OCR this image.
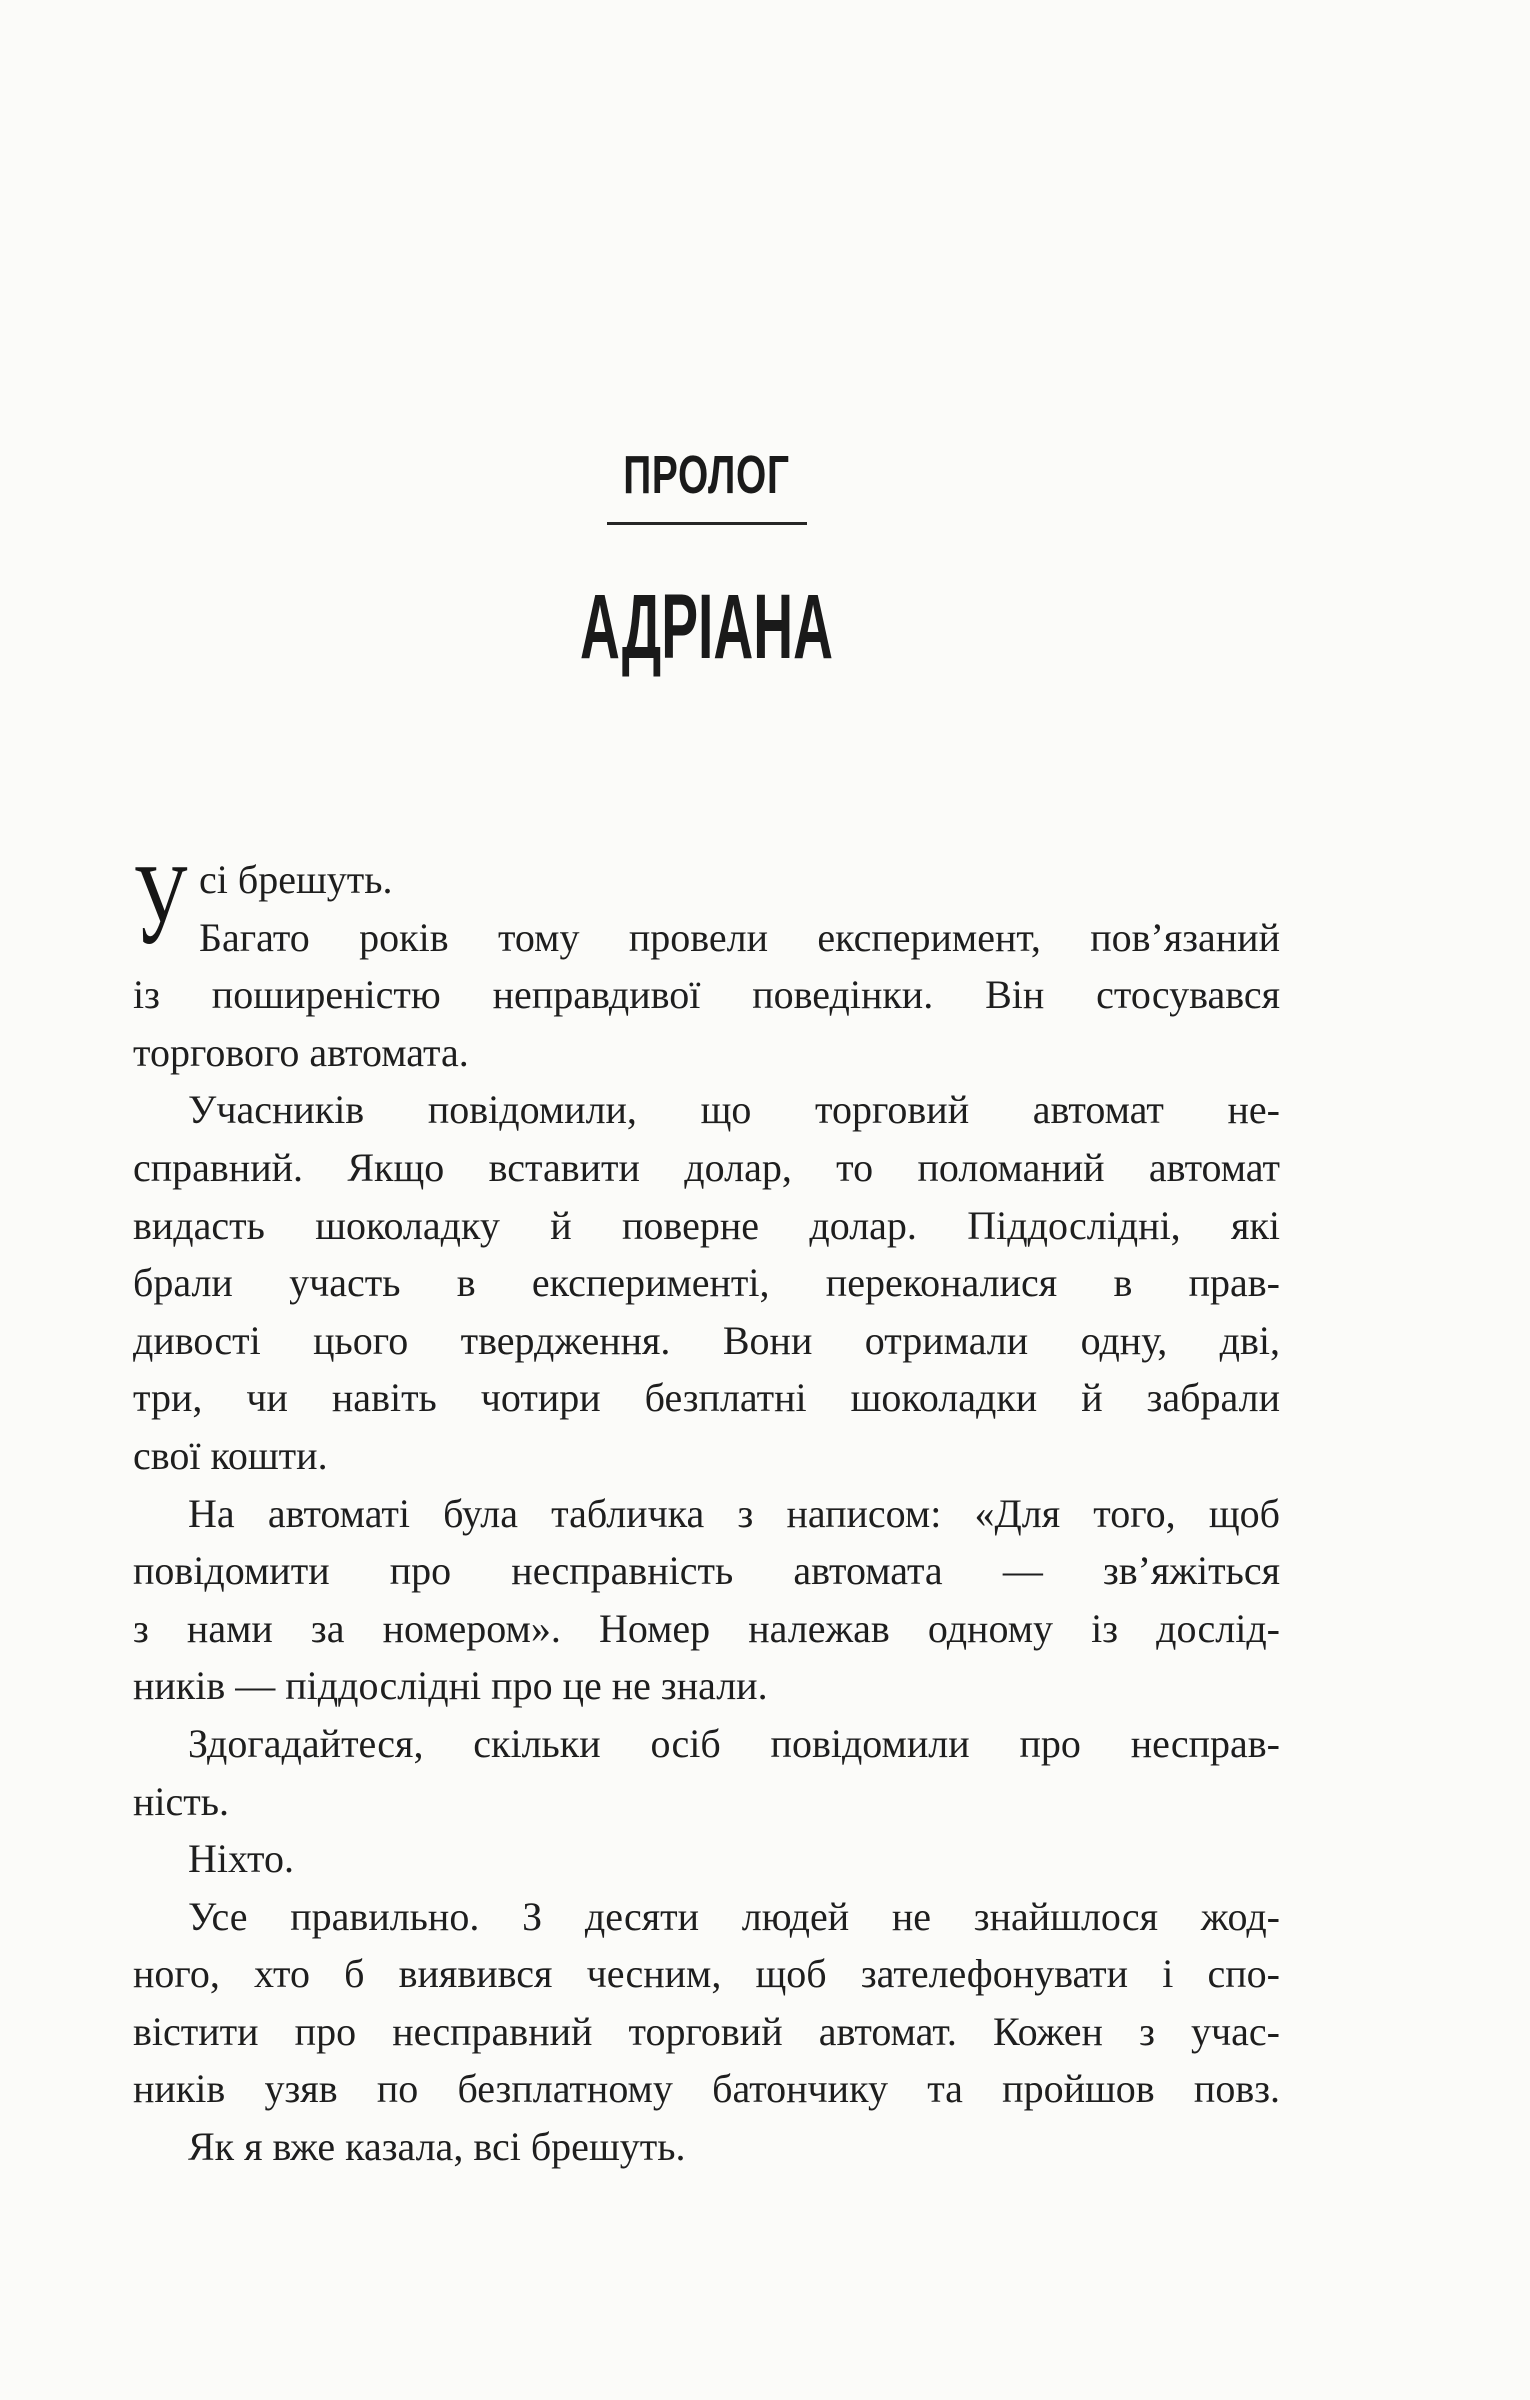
ПРОЛОГ
АДРІАНА
У сі брешуть.
Багато років тому провели експеримент, пов’язаний
із поширеністю неправдивої поведінки. Він стосувався
торгового автомата.
Учасників повідомили, що торговий автомат не-
справний. Якщо вставити долар, то поломаний автомат
видасть шоколадку й поверне долар. Піддослідні, які
брали участь в експерименті, переконалися в прав-
дивості цього твердження. Вони отримали одну, дві,
три, чи навіть чотири безплатні шоколадки й забрали
свої кошти.
На автоматі була табличка з написом: «Для того, щоб
повідомити про несправність автомата — зв’яжіться
з нами за номером». Номер належав одному із дослід-
ників — піддослідні про це не знали.
Здогадайтеся, скільки осіб повідомили про несправ-
ність.
Ніхто.
Усе правильно. З десяти людей не знайшлося жод-
ного, хто б виявився чесним, щоб зателефонувати і спо-
вістити про несправний торговий автомат. Кожен з учас-
ників узяв по безплатному батончику та пройшов повз.
Як я вже казала, всі брешуть.
